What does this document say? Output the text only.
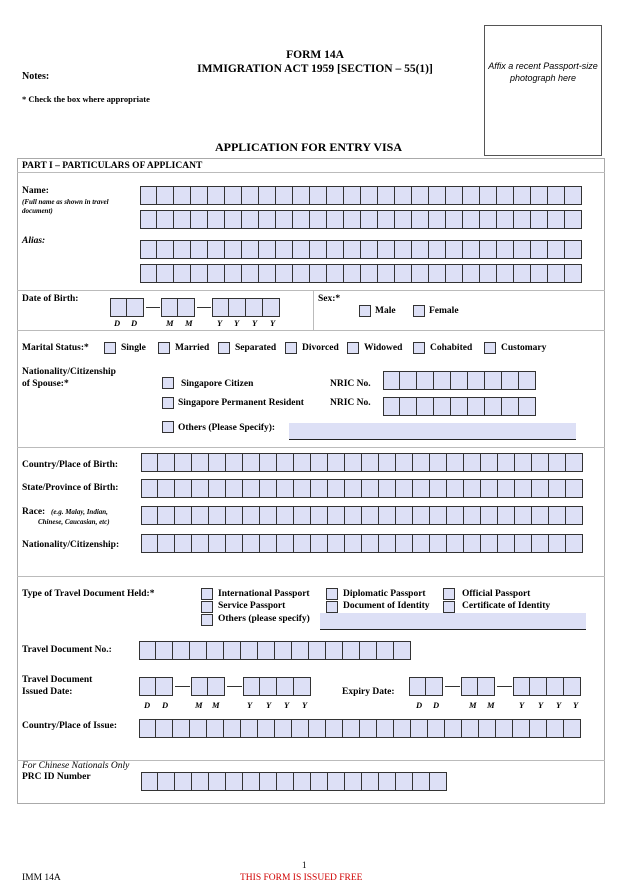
Notes:
* Check the box where appropriate
FORM 14A
IMMIGRATION ACT 1959 [SECTION – 55(1)]	Affix a recent Passport-size photograph here
APPLICATION FOR ENTRY VISA
PART I – PARTICULARS OF APPLICANT
Name:
(Full name as shown in travel document)
Alias:
Date of Birth:
D D	M M	Y Y Y Y
Sex:*
Male	Female
Marital Status:*	Single	Married	Separated	Divorced	Widowed	Cohabited	Customary
Nationality/Citizenship
of Spouse:*	Singapore Citizen	NRIC No.
Singapore Permanent Resident	NRIC No.
Others (Please Specify):
Country/Place of Birth:
State/Province of Birth:
Race: (e.g. Malay, Indian,
Chinese, Caucasian, etc)
Nationality/Citizenship:
Type of Travel Document Held:*	International Passport	Diplomatic Passport	Official Passport
Service Passport	Document of Identity	Certificate of Identity
Others (please specify)
Travel Document No.:
Travel Document
Issued Date:
D D	M M	Y Y Y Y
Expiry Date:
D D	M M	Y Y Y Y
Country/Place of Issue:
For Chinese Nationals Only
PRC ID Number
1
IMM 14A	THIS FORM IS ISSUED FREE
